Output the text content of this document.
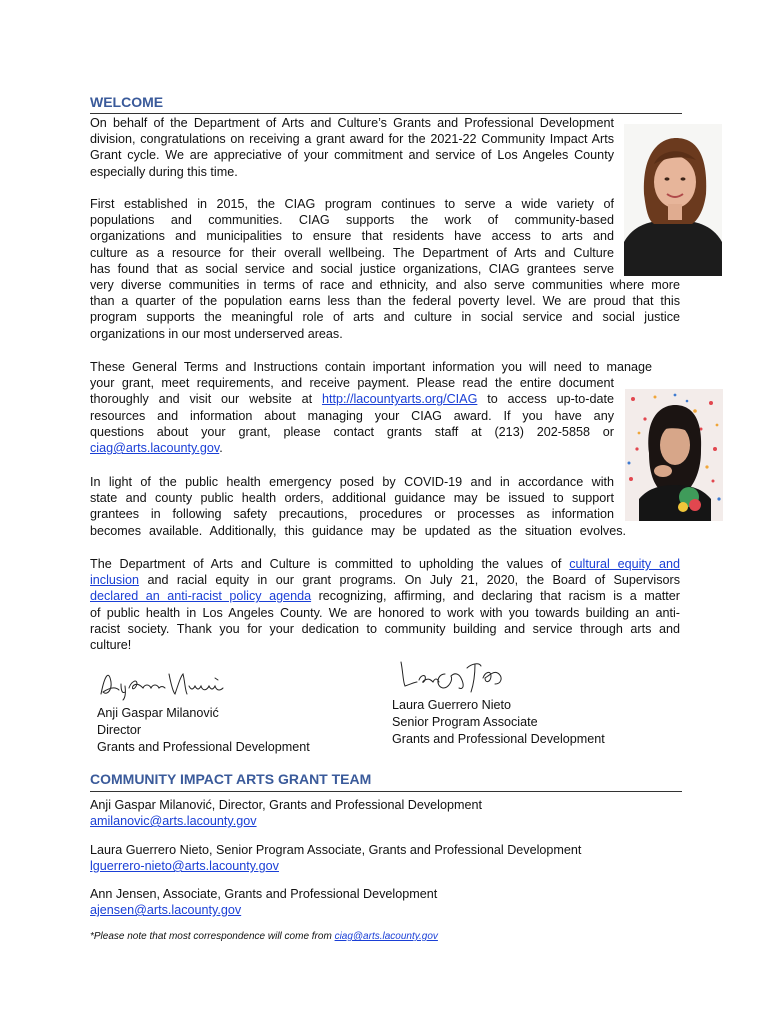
WELCOME
On behalf of the Department of Arts and Culture’s Grants and Professional Development division, congratulations on receiving a grant award for the 2021-22 Community Impact Arts Grant cycle. We are appreciative of your commitment and service of Los Angeles County especially during this time.
First established in 2015, the CIAG program continues to serve a wide variety of
populations and communities. CIAG supports the work of community-based
organizations and municipalities to ensure that residents have access to arts and
culture as a resource for their overall wellbeing. The Department of Arts and Culture
has found that as social service and social justice organizations, CIAG grantees serve
very diverse communities in terms of race and ethnicity, and also serve communities where more
than a quarter of the population earns less than the federal poverty level. We are proud that this
program supports the meaningful role of arts and culture in social service and social justice
organizations in our most underserved areas.
These General Terms and Instructions contain important information you will need to manage
your grant, meet requirements, and receive payment. Please read the entire document
thoroughly and visit our website at http://lacountyarts.org/CIAG to access up-to-date
resources and information about managing your CIAG award. If you have any
questions about your grant, please contact grants staff at (213) 202-5858 or
ciag@arts.lacounty.gov.
In light of the public health emergency posed by COVID-19 and in accordance with
state and county public health orders, additional guidance may be issued to support
grantees in following safety precautions, procedures or processes as information
becomes available. Additionally, this guidance may be updated as the situation evolves.
The Department of Arts and Culture is committed to upholding the values of cultural equity and
inclusion and racial equity in our grant programs. On July 21, 2020, the Board of Supervisors
declared an anti-racist policy agenda recognizing, affirming, and declaring that racism is a matter
of public health in Los Angeles County. We are honored to work with you towards building an anti-
racist society. Thank you for your dedication to community building and service through arts and
culture!
Anji Gaspar Milanović
Director
Grants and Professional Development
Laura Guerrero Nieto
Senior Program Associate
Grants and Professional Development
COMMUNITY IMPACT ARTS GRANT TEAM
Anji Gaspar Milanović, Director, Grants and Professional Development
amilanovic@arts.lacounty.gov
Laura Guerrero Nieto, Senior Program Associate, Grants and Professional Development
lguerrero-nieto@arts.lacounty.gov
Ann Jensen, Associate, Grants and Professional Development
ajensen@arts.lacounty.gov
*Please note that most correspondence will come from ciag@arts.lacounty.gov
